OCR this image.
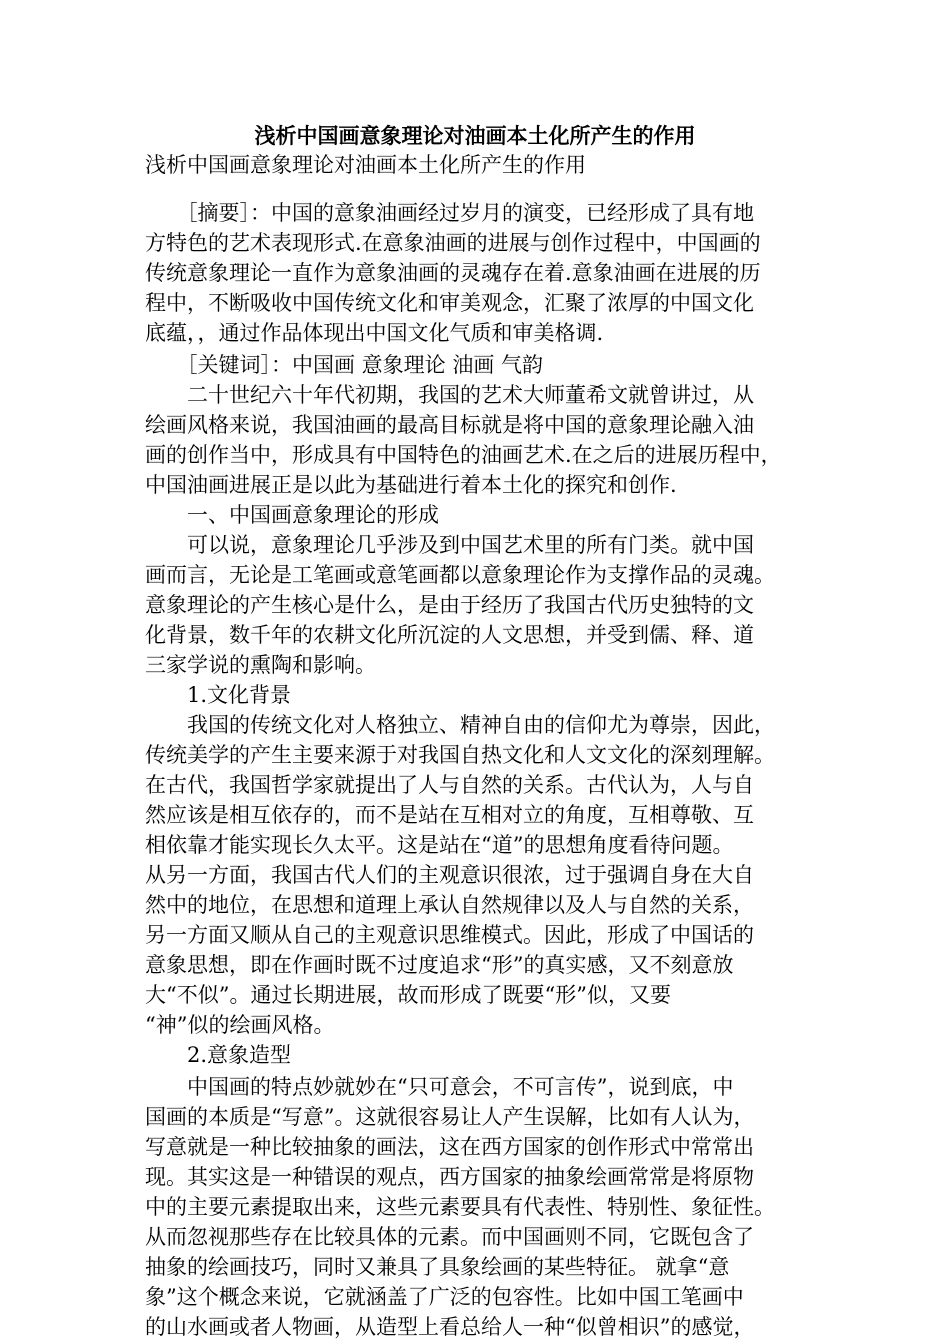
浅析中国画意象理论对油画本土化所产生的作用
浅析中国画意象理论对油画本土化所产生的作用
　　［摘要］：中国的意象油画经过岁月的演变，已经形成了具有地
方特色的艺术表现形式.在意象油画的进展与创作过程中，中国画的
传统意象理论一直作为意象油画的灵魂存在着.意象油画在进展的历
程中，不断吸收中国传统文化和审美观念，汇聚了浓厚的中国文化
底蕴，，通过作品体现出中国文化气质和审美格调.
　　［关键词］：中国画 意象理论 油画 气韵
　　二十世纪六十年代初期，我国的艺术大师董希文就曾讲过，从
绘画风格来说，我国油画的最高目标就是将中国的意象理论融入油
画的创作当中，形成具有中国特色的油画艺术.在之后的进展历程中，
中国油画进展正是以此为基础进行着本土化的探究和创作.
　　一、中国画意象理论的形成
　　可以说，意象理论几乎涉及到中国艺术里的所有门类。就中国
画而言，无论是工笔画或意笔画都以意象理论作为支撑作品的灵魂。
意象理论的产生核心是什么，是由于经历了我国古代历史独特的文
化背景，数千年的农耕文化所沉淀的人文思想，并受到儒、释、道
三家学说的熏陶和影响。
　　1.文化背景
　　我国的传统文化对人格独立、精神自由的信仰尤为尊崇，因此，
传统美学的产生主要来源于对我国自热文化和人文文化的深刻理解。
在古代，我国哲学家就提出了人与自然的关系。古代认为，人与自
然应该是相互依存的，而不是站在互相对立的角度，互相尊敬、互
相依靠才能实现长久太平。这是站在“道”的思想角度看待问题。
从另一方面，我国古代人们的主观意识很浓，过于强调自身在大自
然中的地位，在思想和道理上承认自然规律以及人与自然的关系，
另一方面又顺从自己的主观意识思维模式。因此，形成了中国话的
意象思想，即在作画时既不过度追求“形”的真实感，又不刻意放
大“不似”。通过长期进展，故而形成了既要“形”似，又要
“神”似的绘画风格。
　　2.意象造型
　　中国画的特点妙就妙在“只可意会，不可言传”，说到底，中
国画的本质是“写意”。这就很容易让人产生误解，比如有人认为，
写意就是一种比较抽象的画法，这在西方国家的创作形式中常常出
现。其实这是一种错误的观点，西方国家的抽象绘画常常是将原物
中的主要元素提取出来，这些元素要具有代表性、特别性、象征性。
从而忽视那些存在比较具体的元素。而中国画则不同，它既包含了
抽象的绘画技巧，同时又兼具了具象绘画的某些特征。 就拿“意
象”这个概念来说，它就涵盖了广泛的包容性。比如中国工笔画中
的山水画或者人物画，从造型上看总给人一种“似曾相识”的感觉，
